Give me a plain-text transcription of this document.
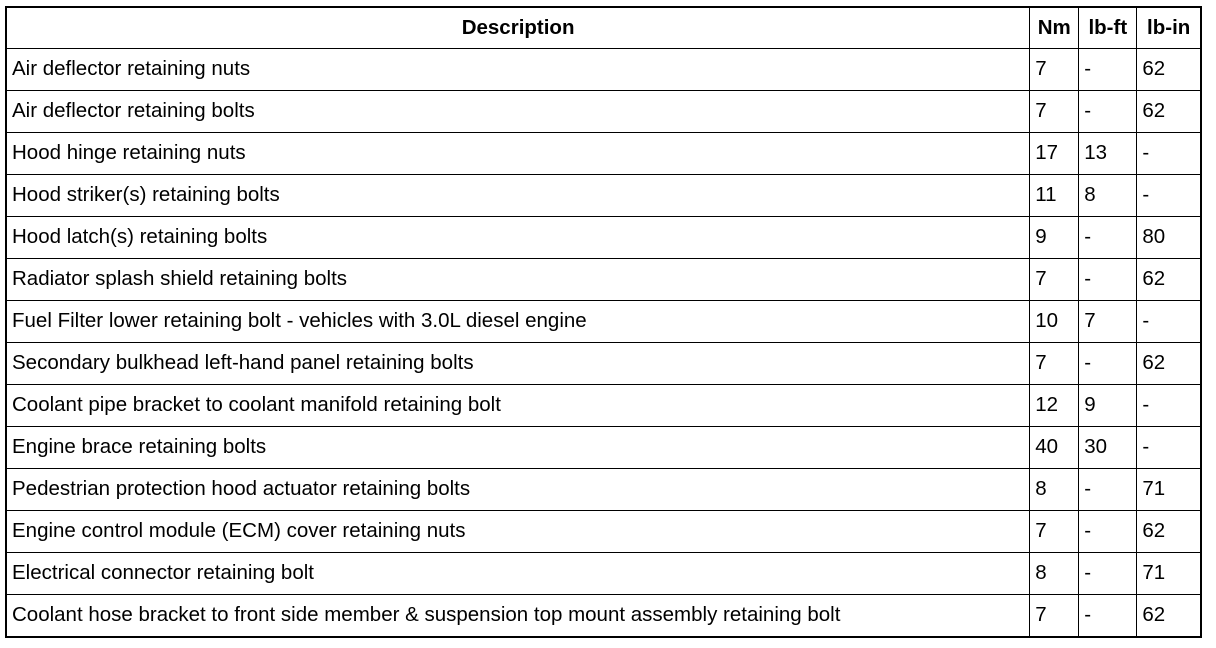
Description	Nm	lb-ft	lb-in
Air deflector retaining nuts	7	-	62
Air deflector retaining bolts	7	-	62
Hood hinge retaining nuts	17	13	-
Hood striker(s) retaining bolts	11	8	-
Hood latch(s) retaining bolts	9	-	80
Radiator splash shield retaining bolts	7	-	62
Fuel Filter lower retaining bolt - vehicles with 3.0L diesel engine	10	7	-
Secondary bulkhead left-hand panel retaining bolts	7	-	62
Coolant pipe bracket to coolant manifold retaining bolt	12	9	-
Engine brace retaining bolts	40	30	-
Pedestrian protection hood actuator retaining bolts	8	-	71
Engine control module (ECM) cover retaining nuts	7	-	62
Electrical connector retaining bolt	8	-	71
Coolant hose bracket to front side member & suspension top mount assembly retaining bolt	7	-	62
